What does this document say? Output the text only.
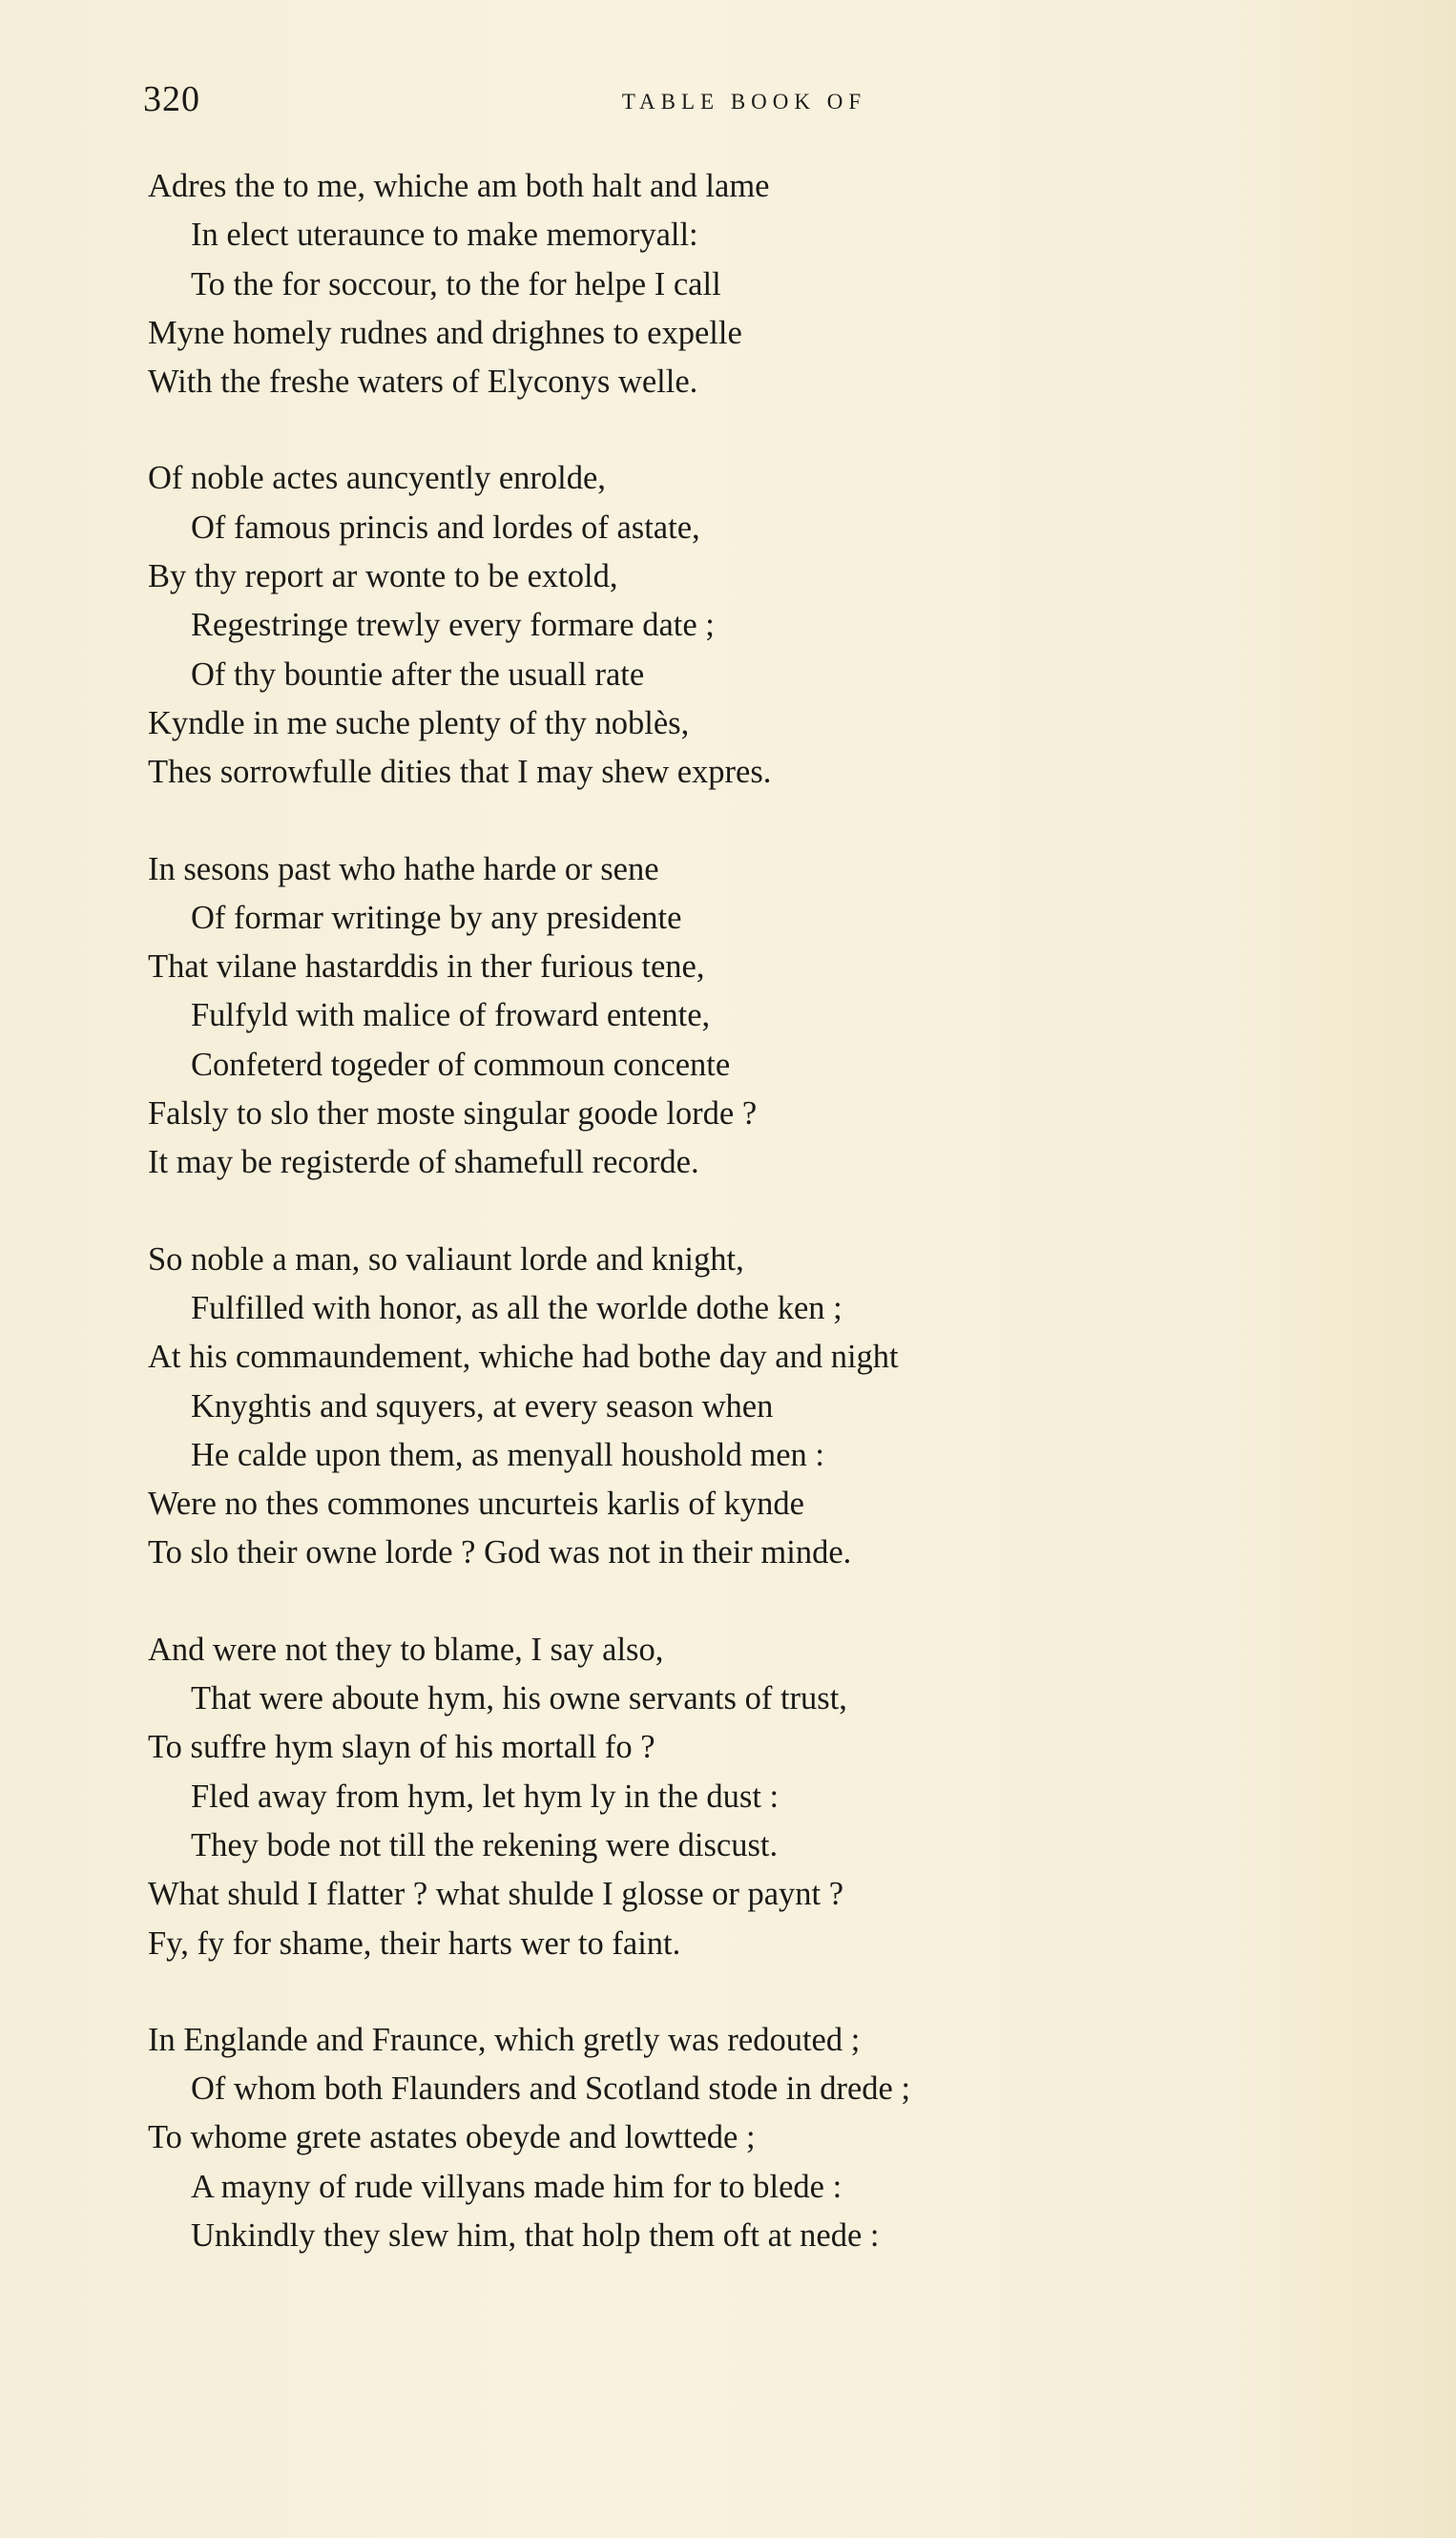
320	TABLE BOOK OF
Adres the to me, whiche am both halt and lame
In elect uteraunce to make memoryall:
To the for soccour, to the for helpe I call
Myne homely rudnes and drighnes to expelle
With the freshe waters of Elyconys welle.
Of noble actes auncyently enrolde,
Of famous princis and lordes of astate,
By thy report ar wonte to be extold,
Regestringe trewly every formare date ;
Of thy bountie after the usuall rate
Kyndle in me suche plenty of thy noblès,
Thes sorrowfulle dities that I may shew expres.
In sesons past who hathe harde or sene
Of formar writinge by any presidente
That vilane hastarddis in ther furious tene,
Fulfyld with malice of froward entente,
Confeterd togeder of commoun concente
Falsly to slo ther moste singular goode lorde ?
It may be registerde of shamefull recorde.
So noble a man, so valiaunt lorde and knight,
Fulfilled with honor, as all the worlde dothe ken ;
At his commaundement, whiche had bothe day and night
Knyghtis and squyers, at every season when
He calde upon them, as menyall houshold men :
Were no thes commones uncurteis karlis of kynde
To slo their owne lorde ? God was not in their minde.
And were not they to blame, I say also,
That were aboute hym, his owne servants of trust,
To suffre hym slayn of his mortall fo ?
Fled away from hym, let hym ly in the dust :
They bode not till the rekening were discust.
What shuld I flatter ? what shulde I glosse or paynt ?
Fy, fy for shame, their harts wer to faint.
In Englande and Fraunce, which gretly was redouted ;
Of whom both Flaunders and Scotland stode in drede ;
To whome grete astates obeyde and lowttede ;
A mayny of rude villyans made him for to blede :
Unkindly they slew him, that holp them oft at nede :
